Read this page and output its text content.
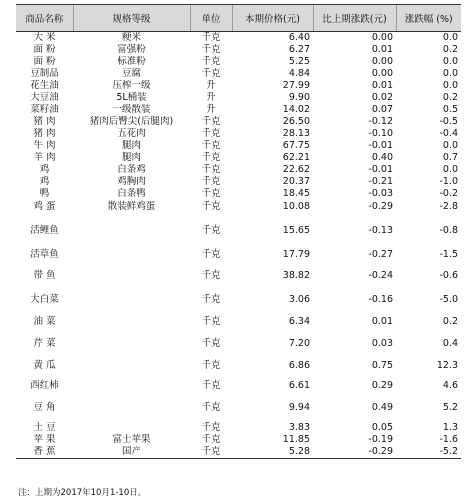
商品名称	规格等级	单位	本期价格(元)	比上期涨跌(元)	涨跌幅 (%)
大 米	粳米	千克	6.40	0.00	0.0
面 粉	富强粉	千克	6.27	0.01	0.2
面 粉	标准粉	千克	5.25	0.00	0.0
豆制品	豆腐	千克	4.84	0.00	0.0
花生油	压榨一级	升	27.99	0.01	0.0
大豆油	5L桶装	升	9.90	0.02	0.2
菜籽油	一级散装	升	14.02	0.07	0.5
猪 肉	猪肉后臀尖(后腿肉)	千克	26.50	-0.12	-0.5
猪 肉	五花肉	千克	28.13	-0.10	-0.4
牛 肉	腿肉	千克	67.75	-0.01	0.0
羊 肉	腿肉	千克	62.21	0.40	0.7
鸡	白条鸡	千克	22.62	-0.01	0.0
鸡	鸡胸肉	千克	20.37	-0.21	-1.0
鸭	白条鸭	千克	18.45	-0.03	-0.2
鸡 蛋	散装鲜鸡蛋	千克	10.08	-0.29	-2.8
活鲤鱼		千克	15.65	-0.13	-0.8
活草鱼		千克	17.79	-0.27	-1.5
带 鱼		千克	38.82	-0.24	-0.6
大白菜		千克	3.06	-0.16	-5.0
油 菜		千克	6.34	0.01	0.2
芹 菜		千克	7.20	0.03	0.4
黄 瓜		千克	6.86	0.75	12.3
西红柿		千克	6.61	0.29	4.6
豆 角		千克	9.94	0.49	5.2
土 豆		千克	3.83	0.05	1.3
苹 果	富士苹果	千克	11.85	-0.19	-1.6
香 蕉	国产	千克	5.28	-0.29	-5.2
注：上期为2017年10月1-10日。
